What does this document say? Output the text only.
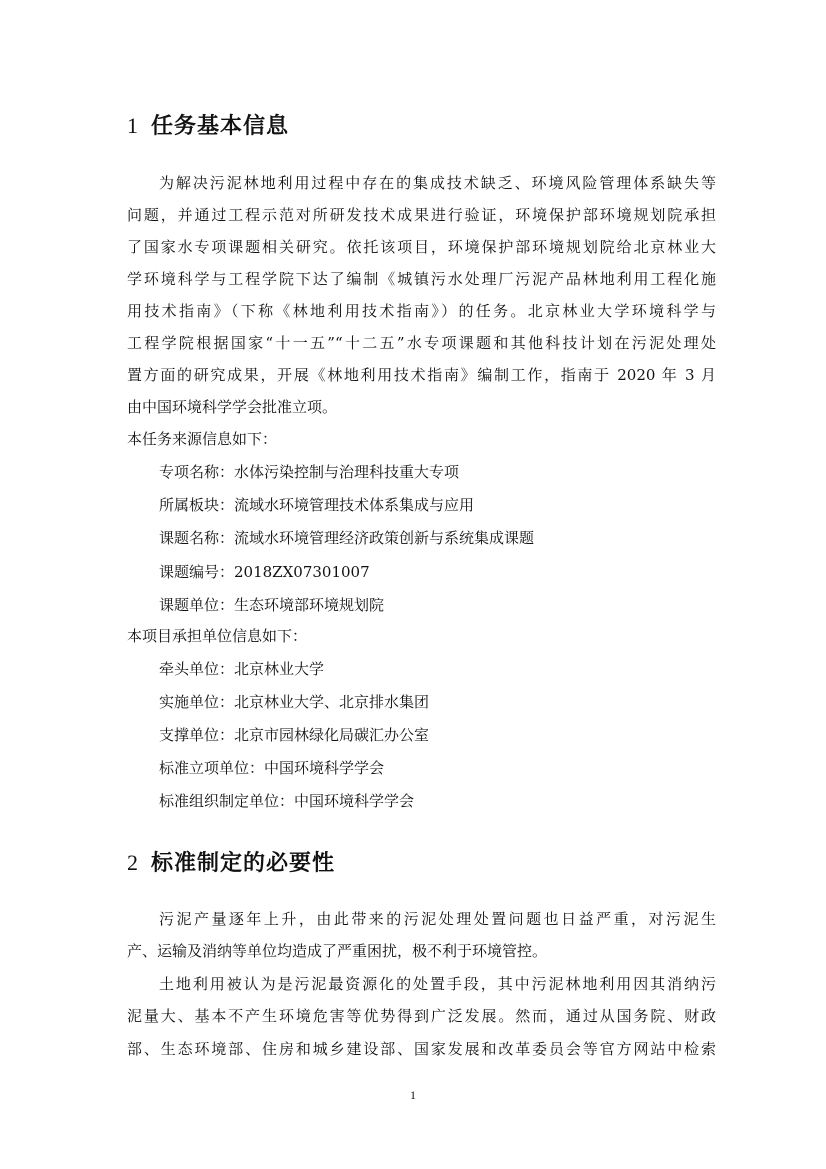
1 任务基本信息
为解决污泥林地利用过程中存在的集成技术缺乏、环境风险管理体系缺失等
问题，并通过工程示范对所研发技术成果进行验证，环境保护部环境规划院承担
了国家水专项课题相关研究。依托该项目，环境保护部环境规划院给北京林业大
学环境科学与工程学院下达了编制《城镇污水处理厂污泥产品林地利用工程化施
用技术指南》（下称《林地利用技术指南》）的任务。北京林业大学环境科学与
工程学院根据国家“十一五”“十二五”水专项课题和其他科技计划在污泥处理处
置方面的研究成果，开展《林地利用技术指南》编制工作，指南于 2020 年 3 月
由中国环境科学学会批准立项。
本任务来源信息如下：
专项名称：水体污染控制与治理科技重大专项
所属板块：流域水环境管理技术体系集成与应用
课题名称：流域水环境管理经济政策创新与系统集成课题
课题编号：2018ZX07301007
课题单位：生态环境部环境规划院
本项目承担单位信息如下：
牵头单位：北京林业大学
实施单位：北京林业大学、北京排水集团
支撑单位：北京市园林绿化局碳汇办公室
标准立项单位：中国环境科学学会
标准组织制定单位：中国环境科学学会
2 标准制定的必要性
污泥产量逐年上升，由此带来的污泥处理处置问题也日益严重，对污泥生
产、运输及消纳等单位均造成了严重困扰，极不利于环境管控。
土地利用被认为是污泥最资源化的处置手段，其中污泥林地利用因其消纳污
泥量大、基本不产生环境危害等优势得到广泛发展。然而，通过从国务院、财政
部、生态环境部、住房和城乡建设部、国家发展和改革委员会等官方网站中检索
1
